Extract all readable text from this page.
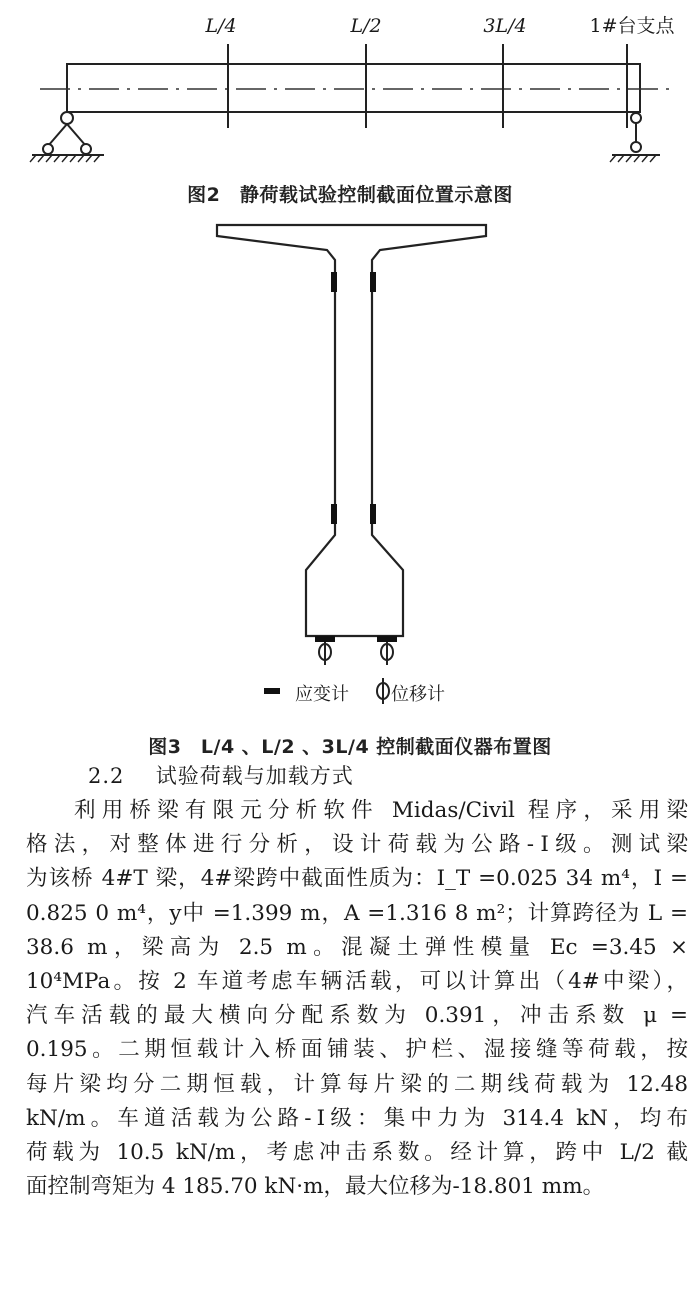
L/4	L/2	3L/4	1#台支点
图2　静荷载试验控制截面位置示意图
应变计 位移计
图3　L/4 、L/2 、3L/4 控制截面仪器布置图
2.2 试验荷载与加载方式
利用桥梁有限元分析软件 Midas/Civil 程序，采用梁
格法，对整体进行分析，设计荷载为公路-Ⅰ级。测试梁
为该桥 4#T 梁，4#梁跨中截面性质为：I_T =0.025 34 m⁴，I =
0.825 0 m⁴，y中 =1.399 m，A =1.316 8 m²；计算跨径为 L =
38.6 m，梁高为 2.5 m。混凝土弹性模量 Ec =3.45 ×
10⁴MPa。按 2 车道考虑车辆活载，可以计算出（4#中梁），
汽车活载的最大横向分配系数为 0.391，冲击系数 μ =
0.195。二期恒载计入桥面铺装、护栏、湿接缝等荷载，按
每片梁均分二期恒载，计算每片梁的二期线荷载为 12.48
kN/m。车道活载为公路-Ⅰ级：集中力为 314.4 kN，均布
荷载为 10.5 kN/m，考虑冲击系数。经计算，跨中 L/2 截
面控制弯矩为 4 185.70 kN·m，最大位移为-18.801 mm。
